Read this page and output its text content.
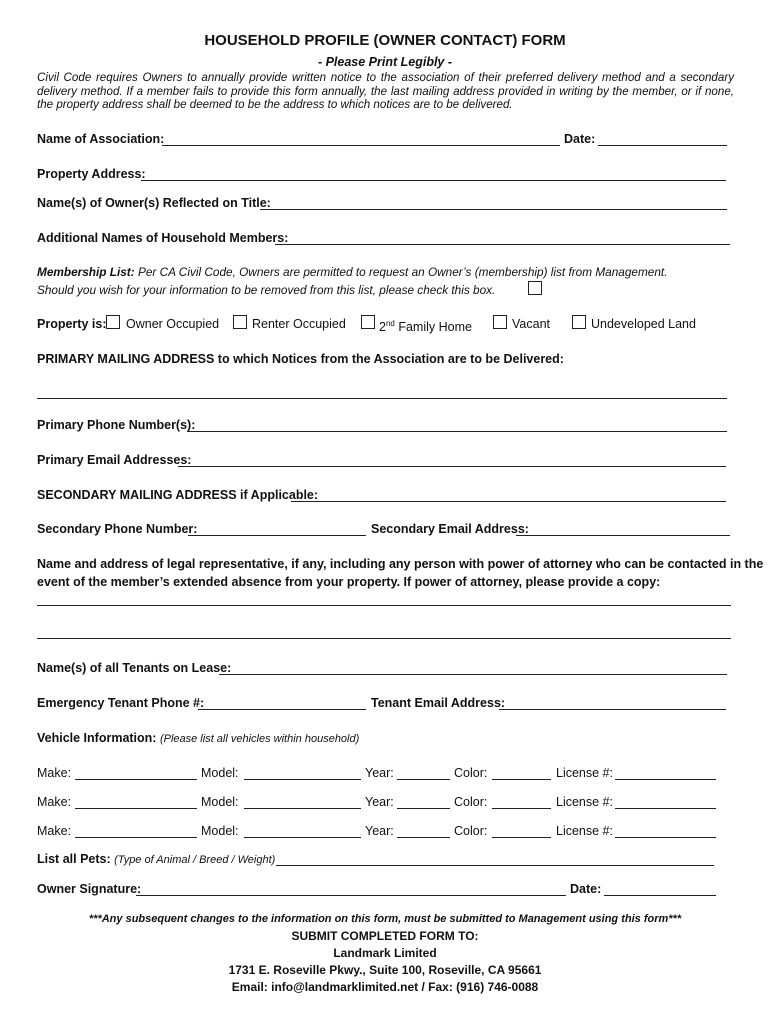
HOUSEHOLD PROFILE (OWNER CONTACT) FORM
- Please Print Legibly -
Civil Code requires Owners to annually provide written notice to the association of their preferred delivery method and a secondary delivery method. If a member fails to provide this form annually, the last mailing address provided in writing by the member, or if none, the property address shall be deemed to be the address to which notices are to be delivered.
Name of Association:	Date:
Property Address:
Name(s) of Owner(s) Reflected on Title:
Additional Names of Household Members:
Membership List: Per CA Civil Code, Owners are permitted to request an Owner’s (membership) list from Management.
Should you wish for your information to be removed from this list, please check this box.
Property is: Owner Occupied	Renter Occupied	2nd Family Home	Vacant	Undeveloped Land
PRIMARY MAILING ADDRESS to which Notices from the Association are to be Delivered:
Primary Phone Number(s):
Primary Email Addresses:
SECONDARY MAILING ADDRESS if Applicable:
Secondary Phone Number:	Secondary Email Address:
Name and address of legal representative, if any, including any person with power of attorney who can be contacted in the
event of the member’s extended absence from your property. If power of attorney, please provide a copy:
Name(s) of all Tenants on Lease:
Emergency Tenant Phone #:	Tenant Email Address:
Vehicle Information: (Please list all vehicles within household)
Make:	Model:	Year:	Color:	License #:
Make:	Model:	Year:	Color:	License #:
Make:	Model:	Year:	Color:	License #:
List all Pets: (Type of Animal / Breed / Weight)
Owner Signature:	Date:
***Any subsequent changes to the information on this form, must be submitted to Management using this form***
SUBMIT COMPLETED FORM TO:
Landmark Limited
1731 E. Roseville Pkwy., Suite 100, Roseville, CA 95661
Email: info@landmarklimited.net / Fax: (916) 746-0088
